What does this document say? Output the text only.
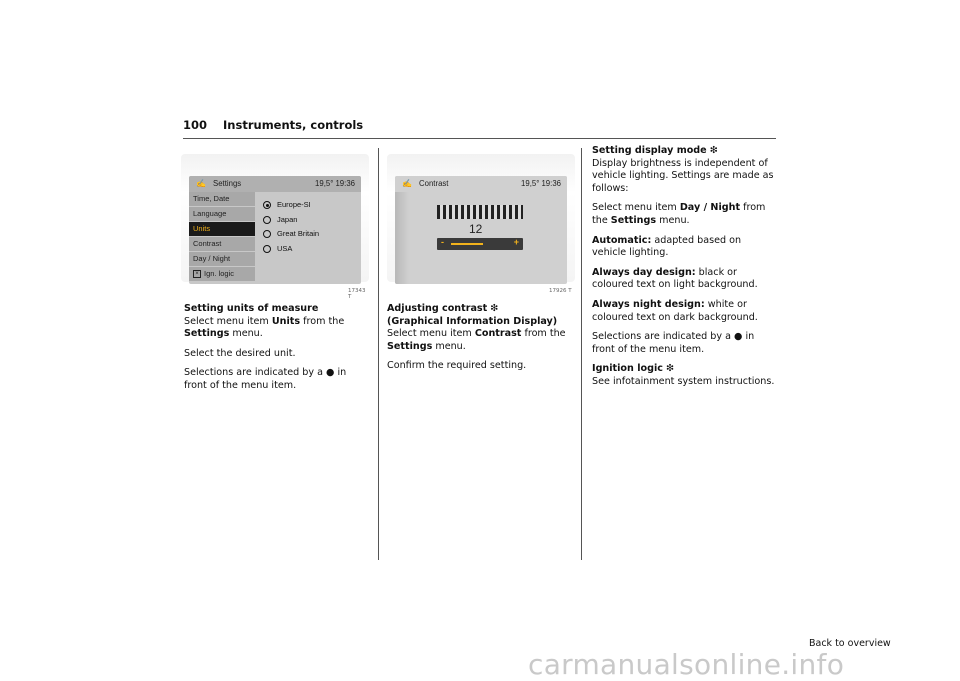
100 Instruments, controls
✍ Settings	19,5° 19:36
Time, Date
Language
Units
Contrast
Day / Night
× Ign. logic
Europe-SI
Japan
Great Britain
USA
17343 T
✍ Contrast	19,5° 19:36
12
-	+
17926 T
Setting units of measure

Select menu item Units from the Settings menu.

Select the desired unit.

Selections are indicated by a ● in front of the menu item.

Adjusting contrast ❇
(Graphical Information Display)

Select menu item Contrast from the
Settings menu.

Confirm the required setting.

Setting display mode ❇

Display brightness is independent of vehicle lighting. Settings are made as follows:

Select menu item Day / Night from the Settings menu.

Automatic: adapted based on vehicle lighting.

Always day design: black or coloured text on light background.

Always night design: white or coloured text on dark background.

Selections are indicated by a ● in front of the menu item.

Ignition logic ❇

See infotainment system instructions.

Back to overview
carmanualsonline.info
